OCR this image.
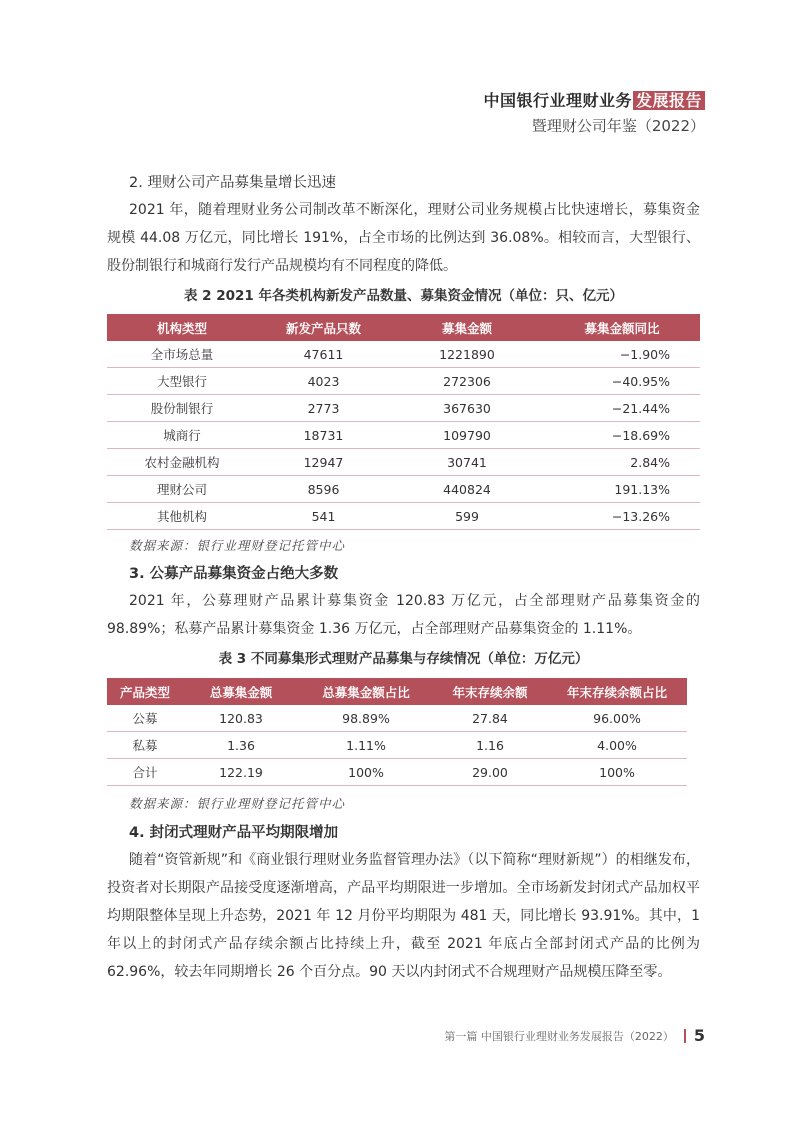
中国银行业理财业务 发展报告
暨理财公司年鉴（2022）
2. 理财公司产品募集量增长迅速
2021 年，随着理财业务公司制改革不断深化，理财公司业务规模占比快速增长，募集资金规模 44.08 万亿元，同比增长 191%，占全市场的比例达到 36.08%。相较而言，大型银行、股份制银行和城商行发行产品规模均有不同程度的降低。
表 2 2021 年各类机构新发产品数量、募集资金情况（单位：只、亿元）
机构类型	新发产品只数	募集金额	募集金额同比
全市场总量	47611	1221890	−1.90%
大型银行	4023	272306	−40.95%
股份制银行	2773	367630	−21.44%
城商行	18731	109790	−18.69%
农村金融机构	12947	30741	2.84%
理财公司	8596	440824	191.13%
其他机构	541	599	−13.26%
数据来源：银行业理财登记托管中心
3. 公募产品募集资金占绝大多数
2021 年，公募理财产品累计募集资金 120.83 万亿元，占全部理财产品募集资金的 98.89%；私募产品累计募集资金 1.36 万亿元，占全部理财产品募集资金的 1.11%。
表 3 不同募集形式理财产品募集与存续情况（单位：万亿元）
产品类型	总募集金额	总募集金额占比	年末存续余额	年末存续余额占比
公募	120.83	98.89%	27.84	96.00%
私募	1.36	1.11%	1.16	4.00%
合计	122.19	100%	29.00	100%
数据来源：银行业理财登记托管中心
4. 封闭式理财产品平均期限增加
随着“资管新规”和《商业银行理财业务监督管理办法》（以下简称“理财新规”）的相继发布，投资者对长期限产品接受度逐渐增高，产品平均期限进一步增加。全市场新发封闭式产品加权平均期限整体呈现上升态势，2021 年 12 月份平均期限为 481 天，同比增长 93.91%。其中，1 年以上的封闭式产品存续余额占比持续上升，截至 2021 年底占全部封闭式产品的比例为 62.96%，较去年同期增长 26 个百分点。90 天以内封闭式不合规理财产品规模压降至零。
第一篇 中国银行业理财业务发展报告（2022） 5
